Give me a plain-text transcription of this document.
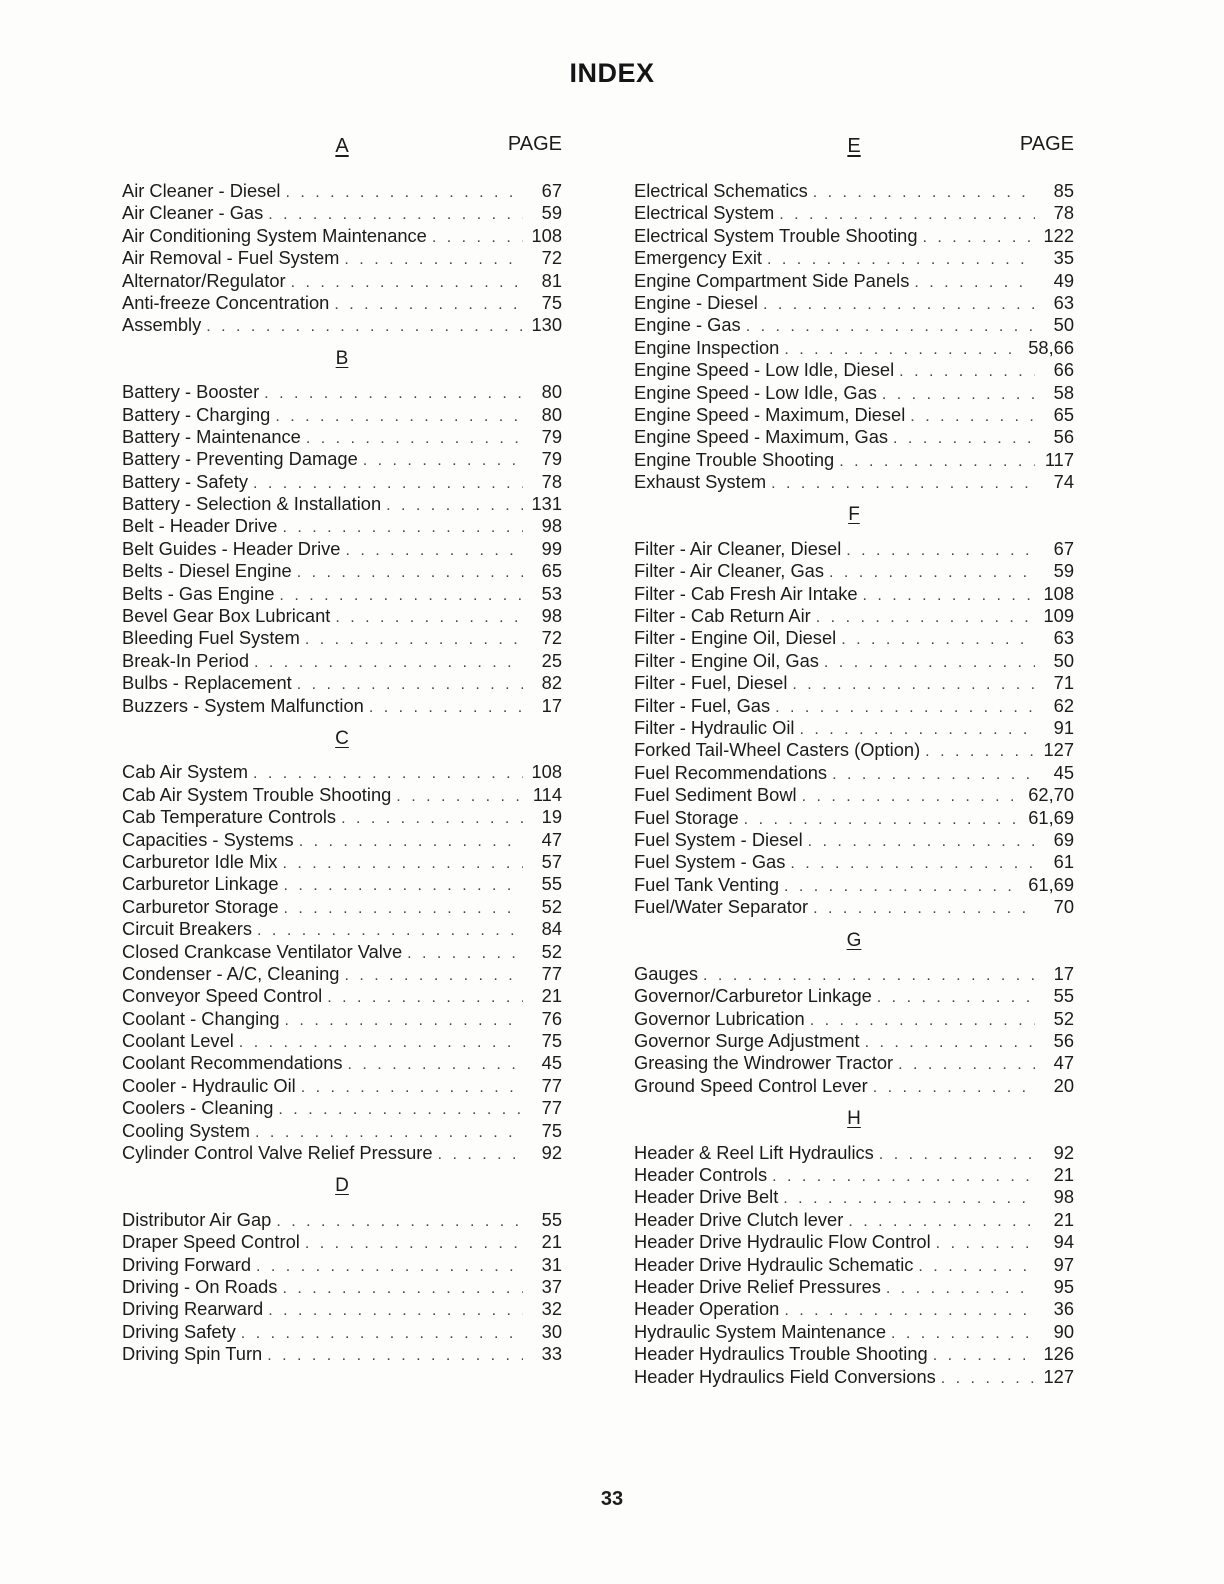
INDEX
A	PAGE
Air Cleaner - Diesel . . .	67
Air Cleaner - Gas . . .	59
Air Conditioning System Maintenance . . .	108
Air Removal - Fuel System . . .	72
Alternator/Regulator . . .	81
Anti-freeze Concentration . . .	75
Assembly . . .	130
B
Battery - Booster . . .	80
Battery - Charging . . .	80
Battery - Maintenance . . .	79
Battery - Preventing Damage . . .	79
Battery - Safety . . .	78
Battery - Selection & Installation . . .	131
Belt - Header Drive . . .	98
Belt Guides - Header Drive . . .	99
Belts - Diesel Engine . . .	65
Belts - Gas Engine . . .	53
Bevel Gear Box Lubricant . . .	98
Bleeding Fuel System . . .	72
Break-In Period . . .	25
Bulbs - Replacement . . .	82
Buzzers - System Malfunction . . .	17
C
Cab Air System . . .	108
Cab Air System Trouble Shooting . . .	114
Cab Temperature Controls . . .	19
Capacities - Systems . . .	47
Carburetor Idle Mix . . .	57
Carburetor Linkage . . .	55
Carburetor Storage . . .	52
Circuit Breakers . . .	84
Closed Crankcase Ventilator Valve . . .	52
Condenser - A/C, Cleaning . . .	77
Conveyor Speed Control . . .	21
Coolant - Changing . . .	76
Coolant Level . . .	75
Coolant Recommendations . . .	45
Cooler - Hydraulic Oil . . .	77
Coolers - Cleaning . . .	77
Cooling System . . .	75
Cylinder Control Valve Relief Pressure . . .	92
D
Distributor Air Gap . . .	55
Draper Speed Control . . .	21
Driving Forward . . .	31
Driving - On Roads . . .	37
Driving Rearward . . .	32
Driving Safety . . .	30
Driving Spin Turn . . .	33
E	PAGE
Electrical Schematics . . .	85
Electrical System . . .	78
Electrical System Trouble Shooting . . .	122
Emergency Exit . . .	35
Engine Compartment Side Panels . . .	49
Engine - Diesel . . .	63
Engine - Gas . . .	50
Engine Inspection . . .	58,66
Engine Speed - Low Idle, Diesel . . .	66
Engine Speed - Low Idle, Gas . . .	58
Engine Speed - Maximum, Diesel . . .	65
Engine Speed - Maximum, Gas . . .	56
Engine Trouble Shooting . . .	117
Exhaust System . . .	74
F
Filter - Air Cleaner, Diesel . . .	67
Filter - Air Cleaner, Gas . . .	59
Filter - Cab Fresh Air Intake . . .	108
Filter - Cab Return Air . . .	109
Filter - Engine Oil, Diesel . . .	63
Filter - Engine Oil, Gas . . .	50
Filter - Fuel, Diesel . . .	71
Filter - Fuel, Gas . . .	62
Filter - Hydraulic Oil . . .	91
Forked Tail-Wheel Casters (Option) . . .	127
Fuel Recommendations . . .	45
Fuel Sediment Bowl . . .	62,70
Fuel Storage . . .	61,69
Fuel System - Diesel . . .	69
Fuel System - Gas . . .	61
Fuel Tank Venting . . .	61,69
Fuel/Water Separator . . .	70
G
Gauges . . .	17
Governor/Carburetor Linkage . . .	55
Governor Lubrication . . .	52
Governor Surge Adjustment . . .	56
Greasing the Windrower Tractor . . .	47
Ground Speed Control Lever . . .	20
H
Header & Reel Lift Hydraulics . . .	92
Header Controls . . .	21
Header Drive Belt . . .	98
Header Drive Clutch lever . . .	21
Header Drive Hydraulic Flow Control . . .	94
Header Drive Hydraulic Schematic . . .	97
Header Drive Relief Pressures . . .	95
Header Operation . . .	36
Hydraulic System Maintenance . . .	90
Header Hydraulics Trouble Shooting . . .	126
Header Hydraulics Field Conversions . . .	127
33
